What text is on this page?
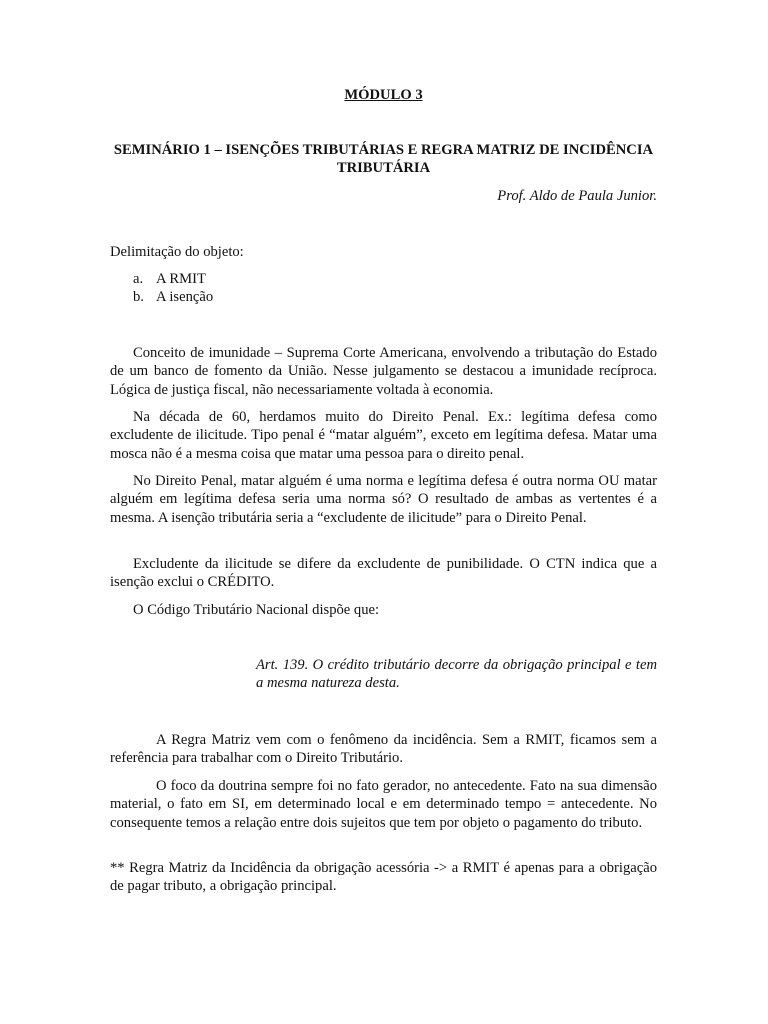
MÓDULO 3
SEMINÁRIO 1 – ISENÇÕES TRIBUTÁRIAS E REGRA MATRIZ DE INCIDÊNCIA TRIBUTÁRIA
Prof. Aldo de Paula Junior.
Delimitação do objeto:
a. A RMIT
b. A isenção

Conceito de imunidade – Suprema Corte Americana, envolvendo a tributação do Estado de um banco de fomento da União. Nesse julgamento se destacou a imunidade recíproca. Lógica de justiça fiscal, não necessariamente voltada à economia.

Na década de 60, herdamos muito do Direito Penal. Ex.: legítima defesa como excludente de ilicitude. Tipo penal é “matar alguém”, exceto em legítima defesa. Matar uma mosca não é a mesma coisa que matar uma pessoa para o direito penal.

No Direito Penal, matar alguém é uma norma e legítima defesa é outra norma OU matar alguém em legítima defesa seria uma norma só? O resultado de ambas as vertentes é a mesma. A isenção tributária seria a “excludente de ilicitude” para o Direito Penal.

Excludente da ilicitude se difere da excludente de punibilidade. O CTN indica que a isenção exclui o CRÉDITO.

O Código Tributário Nacional dispõe que:

Art. 139. O crédito tributário decorre da obrigação principal e tem a mesma natureza desta.

A Regra Matriz vem com o fenômeno da incidência. Sem a RMIT, ficamos sem a referência para trabalhar com o Direito Tributário.

O foco da doutrina sempre foi no fato gerador, no antecedente. Fato na sua dimensão material, o fato em SI, em determinado local e em determinado tempo = antecedente. No consequente temos a relação entre dois sujeitos que tem por objeto o pagamento do tributo.

** Regra Matriz da Incidência da obrigação acessória -> a RMIT é apenas para a obrigação de pagar tributo, a obrigação principal.
